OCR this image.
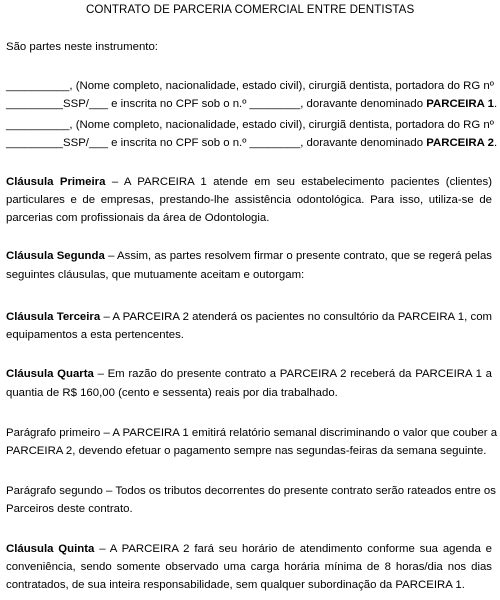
CONTRATO DE PARCERIA COMERCIAL ENTRE DENTISTAS
São partes neste instrumento:
__________, (Nome completo, nacionalidade, estado civil), cirurgiã dentista, portadora do RG nº
_________ SSP/___ e inscrita no CPF sob o n.º ________, doravante denominado PARCEIRA 1.
__________, (Nome completo, nacionalidade, estado civil), cirurgiã dentista, portadora do RG nº
_________ SSP/___ e inscrita no CPF sob o n.º ________, doravante denominado PARCEIRA 2.
Cláusula Primeira – A PARCEIRA 1 atende em seu estabelecimento pacientes (clientes)
particulares e de empresas, prestando-lhe assistência odontológica. Para isso, utiliza-se de
parcerias com profissionais da área de Odontologia.
Cláusula Segunda – Assim, as partes resolvem firmar o presente contrato, que se regerá pelas
seguintes cláusulas, que mutuamente aceitam e outorgam:
Cláusula Terceira – A PARCEIRA 2 atenderá os pacientes no consultório da PARCEIRA 1, com
equipamentos a esta pertencentes.
Cláusula Quarta – Em razão do presente contrato a PARCEIRA 2 receberá da PARCEIRA 1 a
quantia de R$ 160,00 (cento e sessenta) reais por dia trabalhado.
Parágrafo primeiro – A PARCEIRA 1 emitirá relatório semanal discriminando o valor que couber a
PARCEIRA 2, devendo efetuar o pagamento sempre nas segundas-feiras da semana seguinte.
Parágrafo segundo – Todos os tributos decorrentes do presente contrato serão rateados entre os
Parceiros deste contrato.
Cláusula Quinta – A PARCEIRA 2 fará seu horário de atendimento conforme sua agenda e
conveniência, sendo somente observado uma carga horária mínima de 8 horas/dia nos dias
contratados, de sua inteira responsabilidade, sem qualquer subordinação da PARCEIRA 1.
